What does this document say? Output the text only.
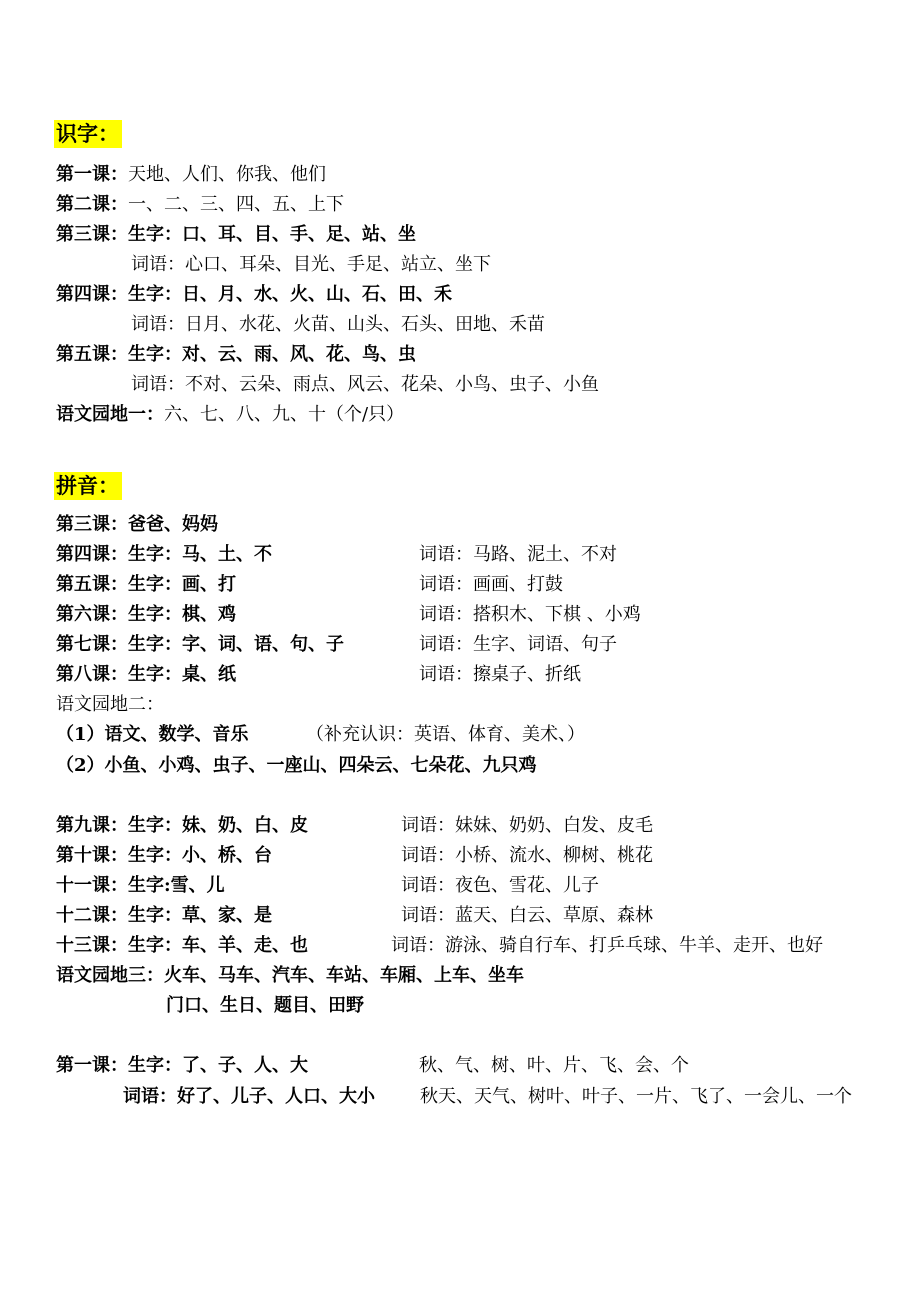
识字：
第一课：天地、人们、你我、他们
第二课：一、二、三、四、五、上下
第三课：生字：口、耳、目、手、足、站、坐
词语：心口、耳朵、目光、手足、站立、坐下
第四课：生字：日、月、水、火、山、石、田、禾
词语：日月、水花、火苗、山头、石头、田地、禾苗
第五课：生字：对、云、雨、风、花、鸟、虫
词语：不对、云朵、雨点、风云、花朵、小鸟、虫子、小鱼
语文园地一：六、七、八、九、十（个/只）
拼音：
第三课：爸爸、妈妈
第四课：生字：马、土、不	词语：马路、泥土、不对
第五课：生字：画、打	词语：画画、打鼓
第六课：生字：棋、鸡	词语：搭积木、下棋 、小鸡
第七课：生字：字、词、语、句、子	词语：生字、词语、句子
第八课：生字：桌、纸	词语：擦桌子、折纸
语文园地二：
（1）语文、数学、音乐	（补充认识：英语、体育、美术、）
（2）小鱼、小鸡、虫子、一座山、四朵云、七朵花、九只鸡
第九课：生字：妹、奶、白、皮	词语：妹妹、奶奶、白发、皮毛
第十课：生字：小、桥、台	词语：小桥、流水、柳树、桃花
十一课：生字:雪、儿	词语：夜色、雪花、儿子
十二课：生字：草、家、是	词语：蓝天、白云、草原、森林
十三课：生字：车、羊、走、也	词语：游泳、骑自行车、打乒乓球、牛羊、走开、也好
语文园地三：火车、马车、汽车、车站、车厢、上车、坐车
门口、生日、题目、田野
第一课：生字：了、子、人、大	秋、气、树、叶、片、飞、会、个
词语：好了、儿子、人口、大小	秋天、天气、树叶、叶子、一片、飞了、一会儿、一个
